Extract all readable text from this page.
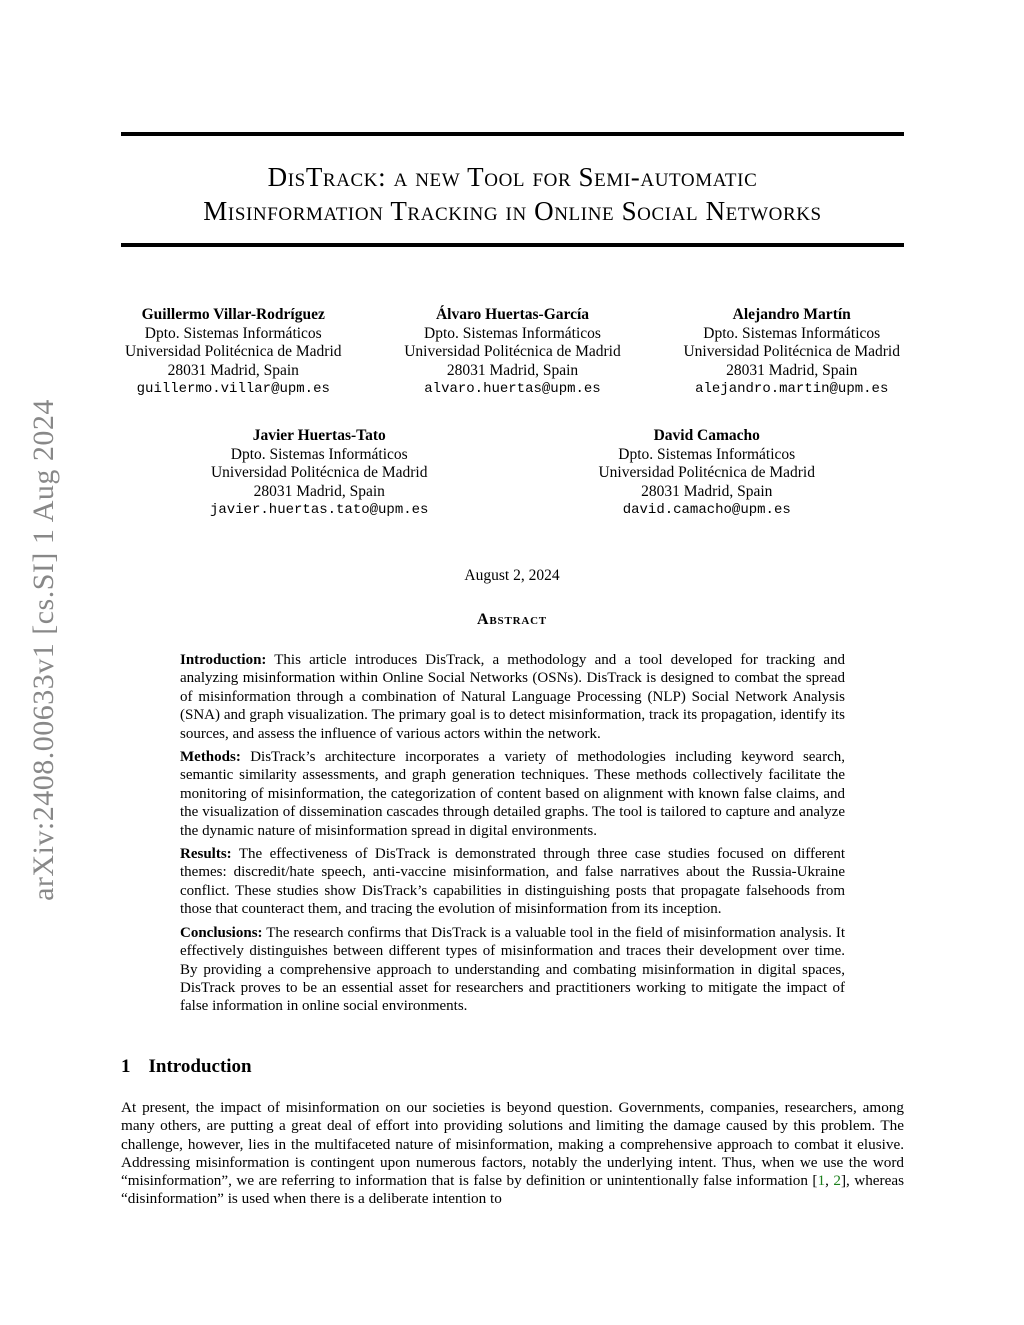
arXiv:2408.00633v1 [cs.SI] 1 Aug 2024
DisTrack: a new Tool for Semi-automatic
Misinformation Tracking in Online Social Networks
Guillermo Villar-Rodríguez
Dpto. Sistemas Informáticos
Universidad Politécnica de Madrid
28031 Madrid, Spain
guillermo.villar@upm.es
Álvaro Huertas-García
Dpto. Sistemas Informáticos
Universidad Politécnica de Madrid
28031 Madrid, Spain
alvaro.huertas@upm.es
Alejandro Martín
Dpto. Sistemas Informáticos
Universidad Politécnica de Madrid
28031 Madrid, Spain
alejandro.martin@upm.es
Javier Huertas-Tato
Dpto. Sistemas Informáticos
Universidad Politécnica de Madrid
28031 Madrid, Spain
javier.huertas.tato@upm.es
David Camacho
Dpto. Sistemas Informáticos
Universidad Politécnica de Madrid
28031 Madrid, Spain
david.camacho@upm.es
August 2, 2024
Abstract

Introduction: This article introduces DisTrack, a methodology and a tool developed for tracking and analyzing misinformation within Online Social Networks (OSNs). DisTrack is designed to combat the spread of misinformation through a combination of Natural Language Processing (NLP) Social Network Analysis (SNA) and graph visualization. The primary goal is to detect misinformation, track its propagation, identify its sources, and assess the influence of various actors within the network.

Methods: DisTrack’s architecture incorporates a variety of methodologies including keyword search, semantic similarity assessments, and graph generation techniques. These methods collectively facilitate the monitoring of misinformation, the categorization of content based on alignment with known false claims, and the visualization of dissemination cascades through detailed graphs. The tool is tailored to capture and analyze the dynamic nature of misinformation spread in digital environments.

Results: The effectiveness of DisTrack is demonstrated through three case studies focused on different themes: discredit/hate speech, anti-vaccine misinformation, and false narratives about the Russia-Ukraine conflict. These studies show DisTrack’s capabilities in distinguishing posts that propagate falsehoods from those that counteract them, and tracing the evolution of misinformation from its inception.

Conclusions: The research confirms that DisTrack is a valuable tool in the field of misinformation analysis. It effectively distinguishes between different types of misinformation and traces their development over time. By providing a comprehensive approach to understanding and combating misinformation in digital spaces, DisTrack proves to be an essential asset for researchers and practitioners working to mitigate the impact of false information in online social environments.

1 Introduction
At present, the impact of misinformation on our societies is beyond question. Governments, companies, researchers, among many others, are putting a great deal of effort into providing solutions and limiting the damage caused by this problem. The challenge, however, lies in the multifaceted nature of misinformation, making a comprehensive approach to combat it elusive. Addressing misinformation is contingent upon numerous factors, notably the underlying intent. Thus, when we use the word “misinformation”, we are referring to information that is false by definition or unintentionally false information [1, 2], whereas “disinformation” is used when there is a deliberate intention to
